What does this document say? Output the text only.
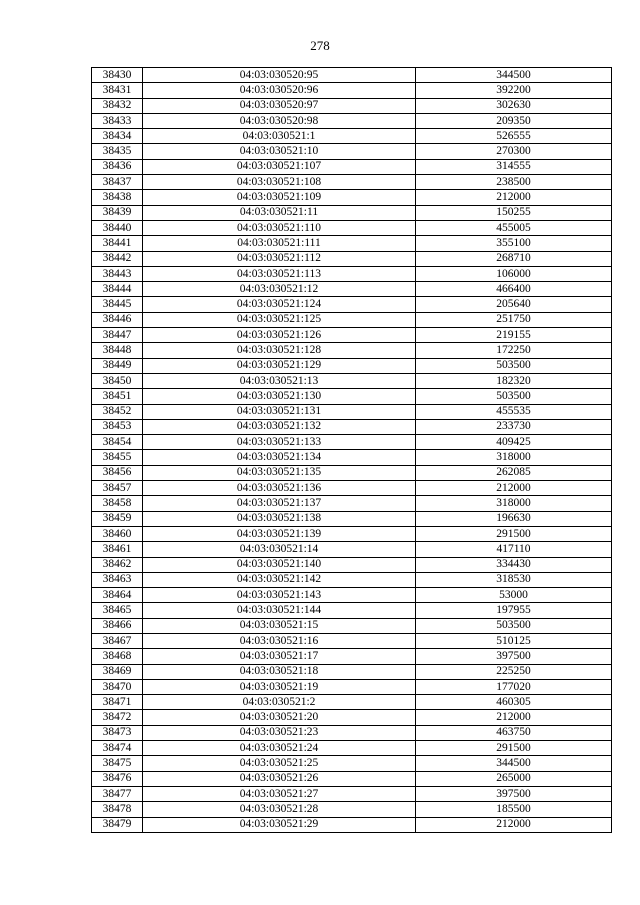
278
38430	04:03:030520:95	344500
38431	04:03:030520:96	392200
38432	04:03:030520:97	302630
38433	04:03:030520:98	209350
38434	04:03:030521:1	526555
38435	04:03:030521:10	270300
38436	04:03:030521:107	314555
38437	04:03:030521:108	238500
38438	04:03:030521:109	212000
38439	04:03:030521:11	150255
38440	04:03:030521:110	455005
38441	04:03:030521:111	355100
38442	04:03:030521:112	268710
38443	04:03:030521:113	106000
38444	04:03:030521:12	466400
38445	04:03:030521:124	205640
38446	04:03:030521:125	251750
38447	04:03:030521:126	219155
38448	04:03:030521:128	172250
38449	04:03:030521:129	503500
38450	04:03:030521:13	182320
38451	04:03:030521:130	503500
38452	04:03:030521:131	455535
38453	04:03:030521:132	233730
38454	04:03:030521:133	409425
38455	04:03:030521:134	318000
38456	04:03:030521:135	262085
38457	04:03:030521:136	212000
38458	04:03:030521:137	318000
38459	04:03:030521:138	196630
38460	04:03:030521:139	291500
38461	04:03:030521:14	417110
38462	04:03:030521:140	334430
38463	04:03:030521:142	318530
38464	04:03:030521:143	53000
38465	04:03:030521:144	197955
38466	04:03:030521:15	503500
38467	04:03:030521:16	510125
38468	04:03:030521:17	397500
38469	04:03:030521:18	225250
38470	04:03:030521:19	177020
38471	04:03:030521:2	460305
38472	04:03:030521:20	212000
38473	04:03:030521:23	463750
38474	04:03:030521:24	291500
38475	04:03:030521:25	344500
38476	04:03:030521:26	265000
38477	04:03:030521:27	397500
38478	04:03:030521:28	185500
38479	04:03:030521:29	212000
